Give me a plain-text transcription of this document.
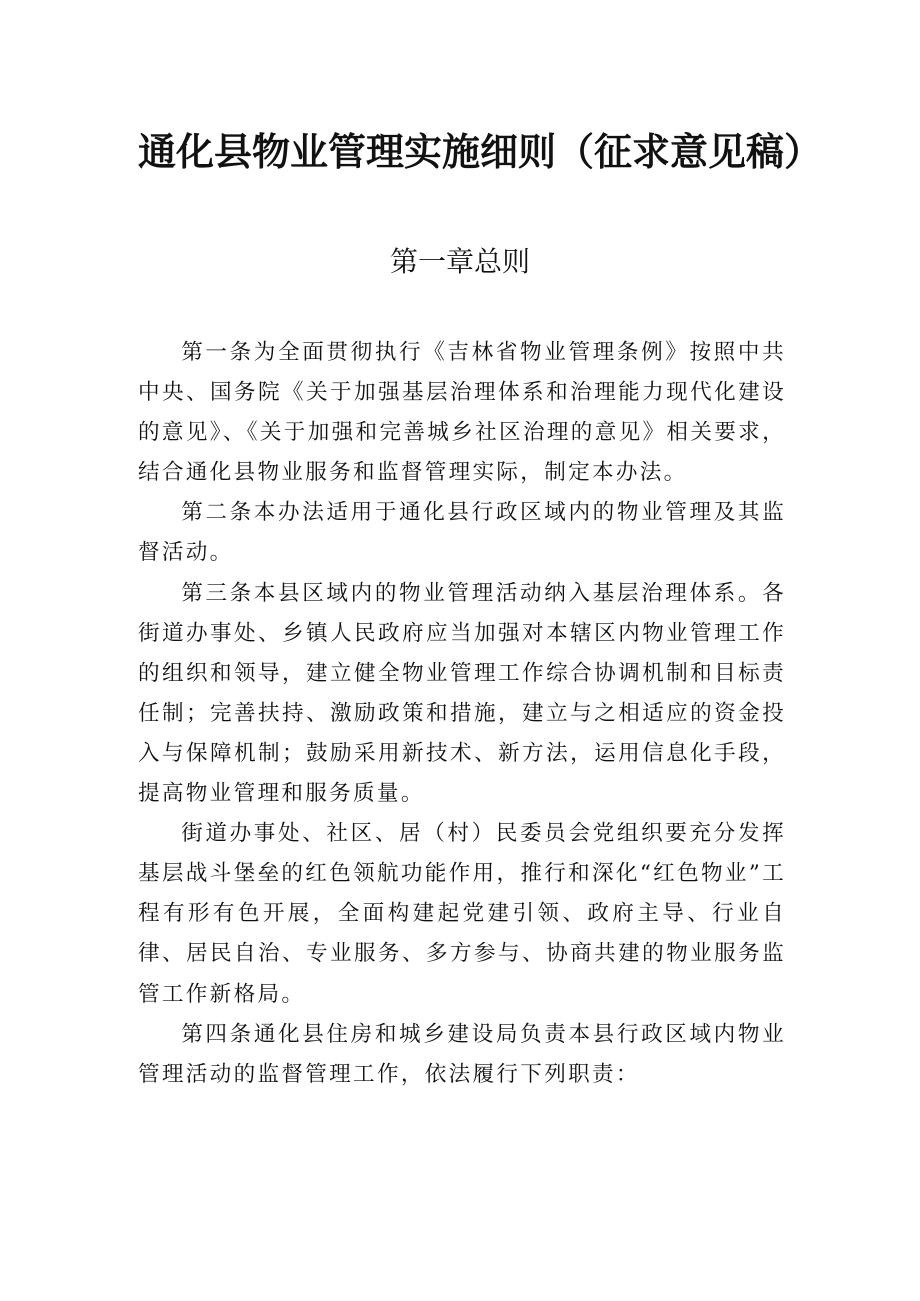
通化县物业管理实施细则（征求意见稿）
第一章总则

第一条为全面贯彻执行《吉林省物业管理条例》按照中共中央、国务院《关于加强基层治理体系和治理能力现代化建设的意见》、《关于加强和完善城乡社区治理的意见》相关要求，结合通化县物业服务和监督管理实际，制定本办法。

第二条本办法适用于通化县行政区域内的物业管理及其监督活动。

第三条本县区域内的物业管理活动纳入基层治理体系。各街道办事处、乡镇人民政府应当加强对本辖区内物业管理工作的组织和领导，建立健全物业管理工作综合协调机制和目标责任制；完善扶持、激励政策和措施，建立与之相适应的资金投入与保障机制；鼓励采用新技术、新方法，运用信息化手段，提高物业管理和服务质量。

街道办事处、社区、居（村）民委员会党组织要充分发挥基层战斗堡垒的红色领航功能作用，推行和深化“红色物业”工程有形有色开展，全面构建起党建引领、政府主导、行业自律、居民自治、专业服务、多方参与、协商共建的物业服务监管工作新格局。

第四条通化县住房和城乡建设局负责本县行政区域内物业管理活动的监督管理工作，依法履行下列职责：
